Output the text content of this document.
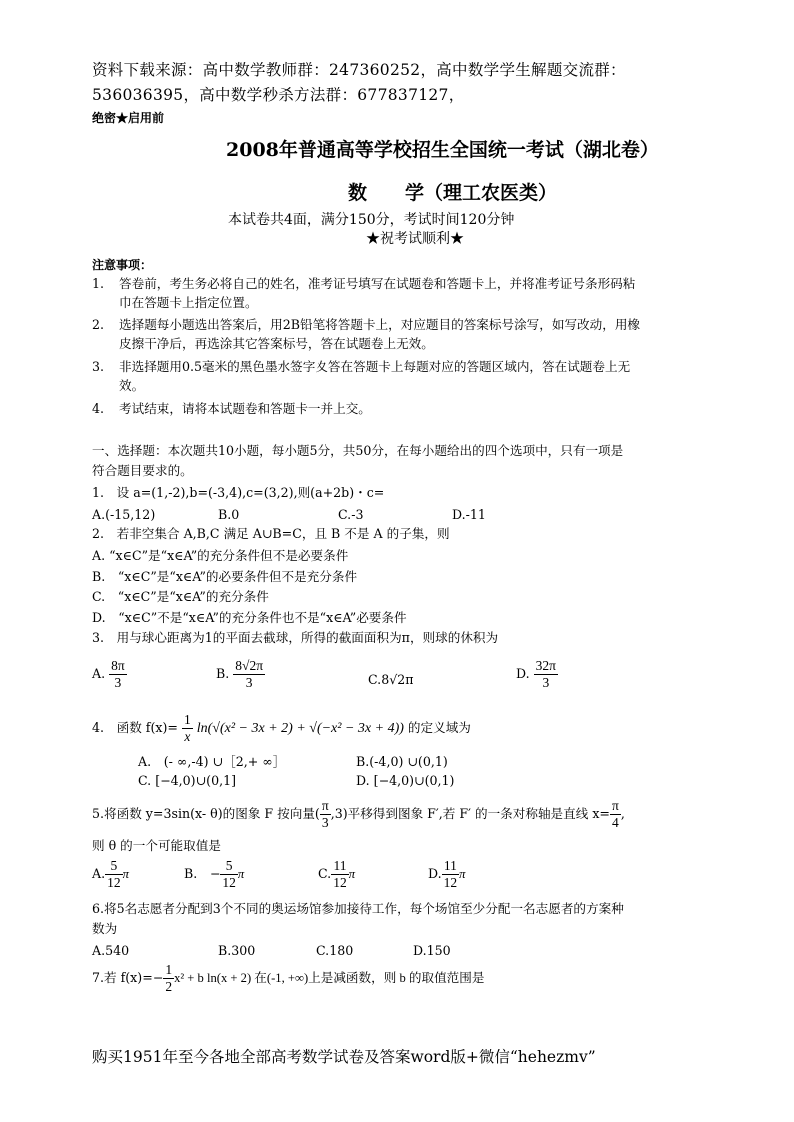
资料下载来源：高中数学教师群：247360252，高中数学学生解题交流群：
536036395，高中数学秒杀方法群：677837127，
绝密★启用前
2008年普通高等学校招生全国统一考试（湖北卷）
数　　学（理工农医类）
本试卷共4面，满分150分，考试时间120分钟
★祝考试顺利★
注意事项：
1. 答卷前，考生务必将自己的姓名，准考证号填写在试题卷和答题卡上，并将准考证号条形码粘
巾在答题卡上指定位置。
2. 选择题每小题选出答案后，用2B铅笔将答题卡上，对应题目的答案标号涂写，如写改动，用橡
皮擦干净后，再选涂其它答案标号，答在试题卷上无效。
3. 非选择题用0.5毫米的黑色墨水签字夊答在答题卡上每题对应的答题区域内，答在试题卷上无
效。
4. 考试结束，请将本试题卷和答题卡一并上交。
一、选择题：本次题共10小题，每小题5分，共50分，在每小题给出的四个选项中，只有一项是
符合题目要求的。
1.　设 a=(1,-2),b=(-3,4),c=(3,2),则(a+2b)・c=
A.(-15,12)	B.0	C.-3	D.-11
2.　若非空集合 A,B,C 满足 A∪B=C，且 B 不是 A 的子集，则
A. “x∈C”是“x∈A”的充分条件但不是必要条件
B.　“x∈C”是“x∈A”的必要条件但不是充分条件
C.　“x∈C”是“x∈A”的充分条件
D.　“x∈C”不是“x∈A”的充分条件也不是“x∈A”必要条件
3.　用与球心距离为1的平面去截球，所得的截面面积为π，则球的休积为
A. $\frac{8\pi}{3}$	B. $\frac{8√2\pi}{3}$	C.8√2π	D. $\frac{32\pi}{3}$
4.　函数 $f(x)= \frac{1}{x} \ln(√(x^2 - 3x + 2) + √(-x^2 - 3x + 4))$ 的定义域为
A.　(- ∞,-4) ∪［2,+ ∞］	B.(-4,0) ∪(0,1)
C. [−4,0)∪(0,1]	D. [−4,0)∪(0,1)
5.将函数 y=3sin(x- θ)的图象 F 按向量( $\frac{\pi}{3} ,3$)平移得到图象 F′,若 F′ 的一条对称轴是直线 $x= \frac{\pi}{4}$ ,
则 θ 的一个可能取值是
A. $\frac{5}{12}$ π	B.　− $\frac{5}{12}$ π	C. $\frac{11}{12}$ π	D. $\frac{11}{12}$ π
6.将5名志愿者分配到3个不同的奥运场馆参加接待工作，每个场馆至少分配一名志愿者的方案种
数为
A.540	B.300	C.180	D.150
7.若 $f(x)=- \frac{1}{2} x^2 + b$ ln(x + 2) 在(-1, +∞)上是减函数，则 b 的取值范围是
购买1951年至今各地全部高考数学试卷及答案word版+微信“hehezmv”
